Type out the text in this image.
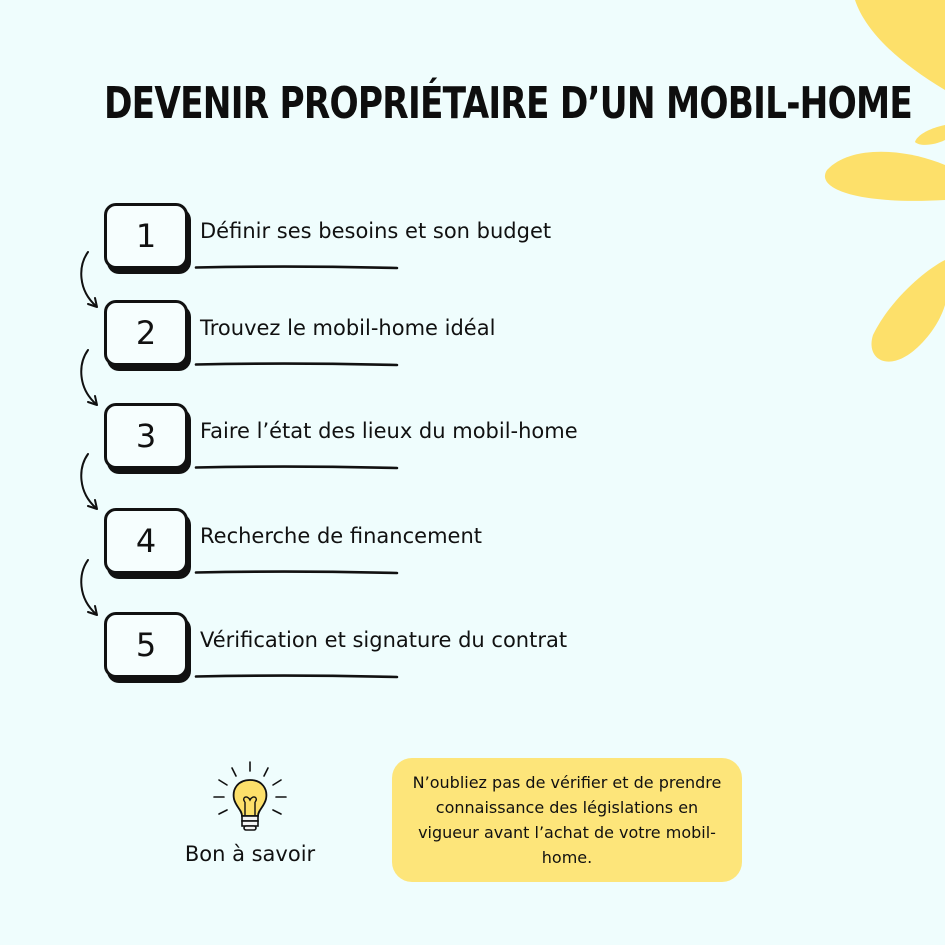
DEVENIR PROPRIÉTAIRE D’UN MOBIL-HOME
1	Définir ses besoins et son budget
2	Trouvez le mobil-home idéal
3	Faire l’état des lieux du mobil-home
4	Recherche de financement
5	Vérification et signature du contrat
Bon à savoir
N’oubliez pas de vérifier et de prendre connaissance des législations en vigueur avant l’achat de votre mobil-home.
